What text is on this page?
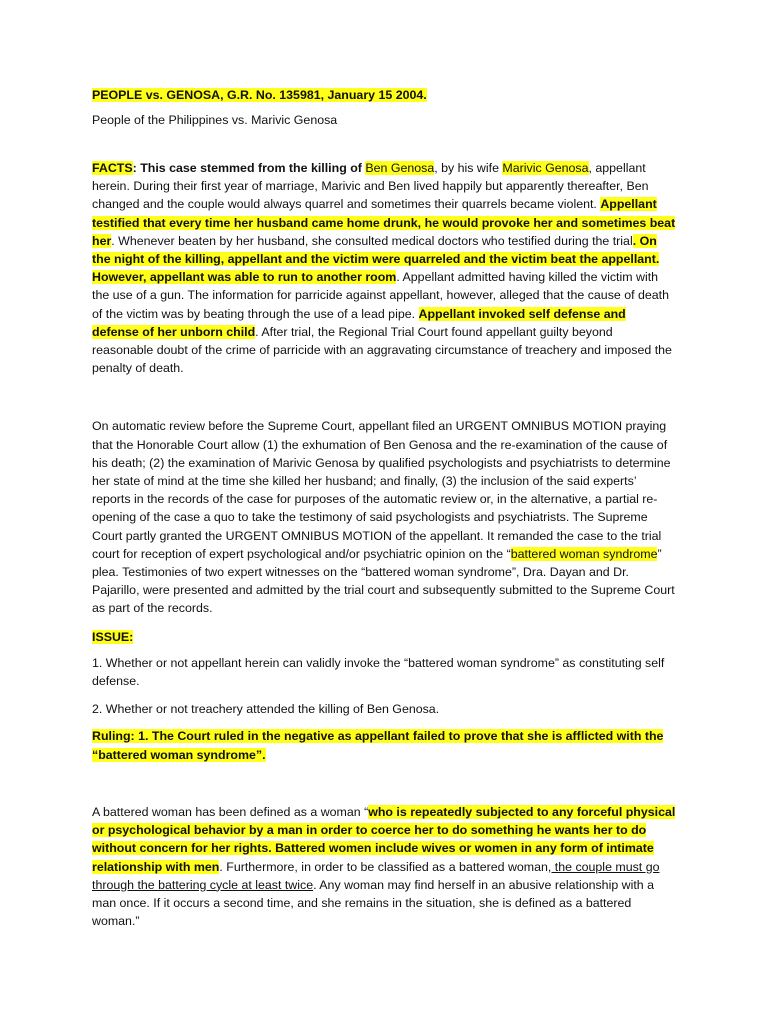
PEOPLE vs. GENOSA, G.R. No. 135981, January 15 2004.

People of the Philippines vs. Marivic Genosa

FACTS: This case stemmed from the killing of Ben Genosa, by his wife Marivic Genosa, appellant herein. During their first year of marriage, Marivic and Ben lived happily but apparently thereafter, Ben changed and the couple would always quarrel and sometimes their quarrels became violent. Appellant testified that every time her husband came home drunk, he would provoke her and sometimes beat her. Whenever beaten by her husband, she consulted medical doctors who testified during the trial. On the night of the killing, appellant and the victim were quarreled and the victim beat the appellant. However, appellant was able to run to another room. Appellant admitted having killed the victim with the use of a gun. The information for parricide against appellant, however, alleged that the cause of death of the victim was by beating through the use of a lead pipe. Appellant invoked self defense and defense of her unborn child. After trial, the Regional Trial Court found appellant guilty beyond reasonable doubt of the crime of parricide with an aggravating circumstance of treachery and imposed the penalty of death.

On automatic review before the Supreme Court, appellant filed an URGENT OMNIBUS MOTION praying that the Honorable Court allow (1) the exhumation of Ben Genosa and the re-examination of the cause of his death; (2) the examination of Marivic Genosa by qualified psychologists and psychiatrists to determine her state of mind at the time she killed her husband; and finally, (3) the inclusion of the said experts’ reports in the records of the case for purposes of the automatic review or, in the alternative, a partial re-opening of the case a quo to take the testimony of said psychologists and psychiatrists. The Supreme Court partly granted the URGENT OMNIBUS MOTION of the appellant. It remanded the case to the trial court for reception of expert psychological and/or psychiatric opinion on the “battered woman syndrome” plea. Testimonies of two expert witnesses on the “battered woman syndrome”, Dra. Dayan and Dr. Pajarillo, were presented and admitted by the trial court and subsequently submitted to the Supreme Court as part of the records.

ISSUE:

1. Whether or not appellant herein can validly invoke the “battered woman syndrome” as constituting self defense.

2. Whether or not treachery attended the killing of Ben Genosa.

Ruling: 1. The Court ruled in the negative as appellant failed to prove that she is afflicted with the “battered woman syndrome”.

A battered woman has been defined as a woman “who is repeatedly subjected to any forceful physical or psychological behavior by a man in order to coerce her to do something he wants her to do without concern for her rights. Battered women include wives or women in any form of intimate relationship with men. Furthermore, in order to be classified as a battered woman, the couple must go through the battering cycle at least twice. Any woman may find herself in an abusive relationship with a man once. If it occurs a second time, and she remains in the situation, she is defined as a battered woman.”
